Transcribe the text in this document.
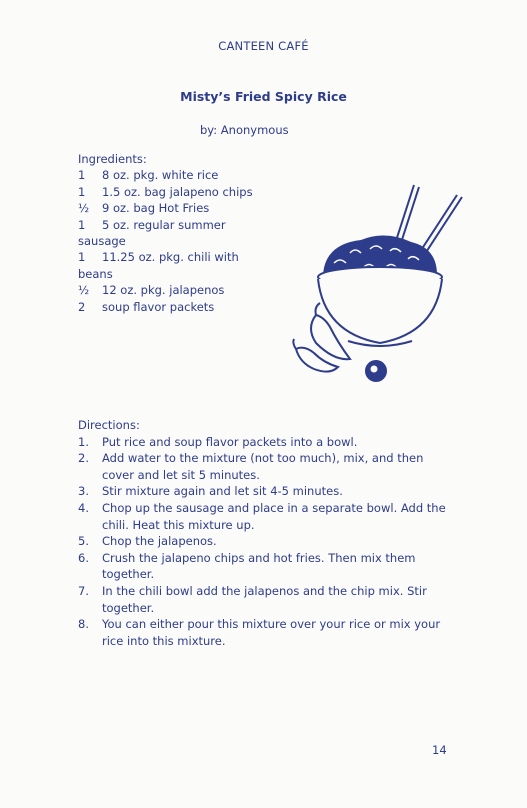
CANTEEN CAFÉ
Misty’s Fried Spicy Rice
by: Anonymous
Ingredients:
1	8 oz. pkg. white rice
1	1.5 oz. bag jalapeno chips
½	9 oz. bag Hot Fries
1	5 oz. regular summer
sausage
1	11.25 oz. pkg. chili with
beans
½	12 oz. pkg. jalapenos
2	soup flavor packets
Directions:
1.	Put rice and soup flavor packets into a bowl.
2.	Add water to the mixture (not too much), mix, and then cover and let sit 5 minutes.
3.	Stir mixture again and let sit 4-5 minutes.
4.	Chop up the sausage and place in a separate bowl. Add the chili. Heat this mixture up.
5.	Chop the jalapenos.
6.	Crush the jalapeno chips and hot fries. Then mix them together.
7.	In the chili bowl add the jalapenos and the chip mix. Stir together.
8.	You can either pour this mixture over your rice or mix your rice into this mixture.
14
